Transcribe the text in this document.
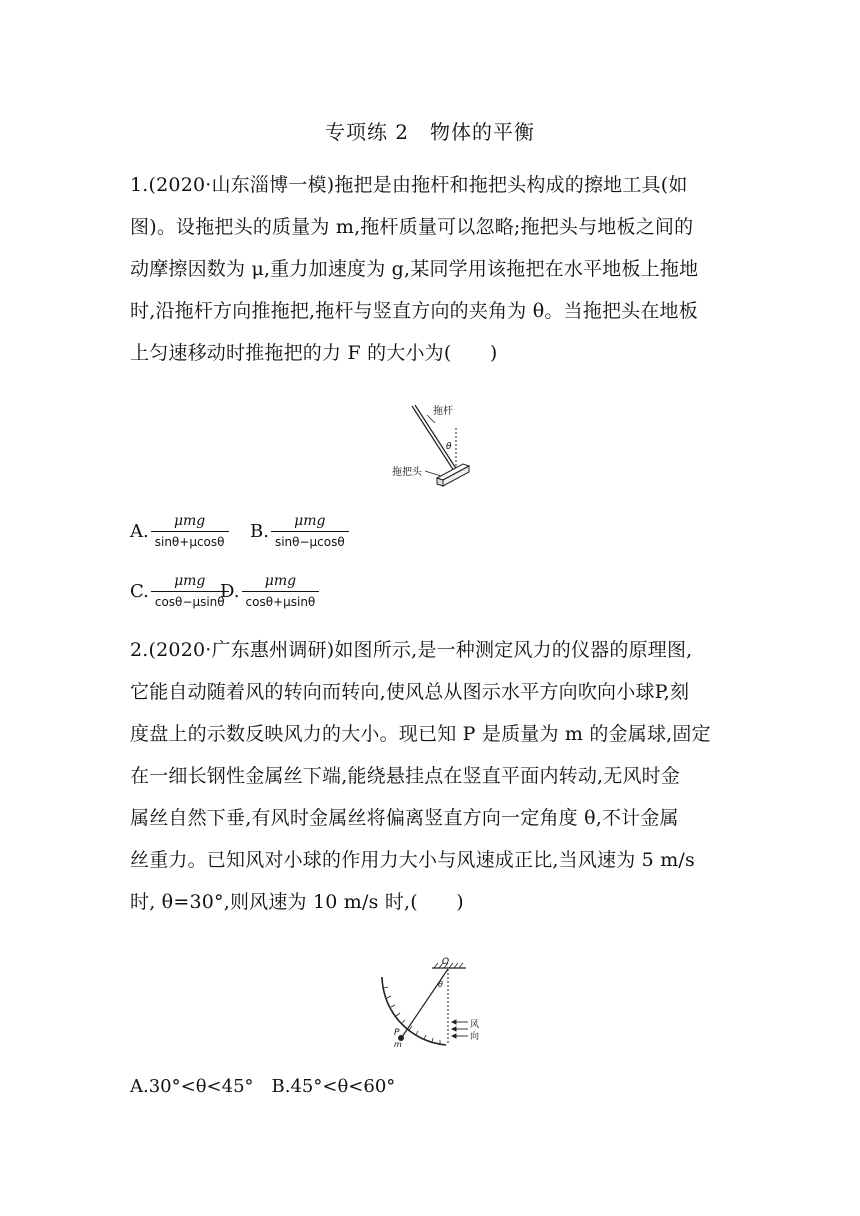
专项练 2　物体的平衡
1.(2020·山东淄博一模)拖把是由拖杆和拖把头构成的擦地工具(如
图)。设拖把头的质量为 m,拖杆质量可以忽略;拖把头与地板之间的
动摩擦因数为 μ,重力加速度为 g,某同学用该拖把在水平地板上拖地
时,沿拖杆方向推拖把,拖杆与竖直方向的夹角为 θ。当拖把头在地板
上匀速移动时推拖把的力 F 的大小为(　　)
拖杆
拖把头
θ
A. $\frac{\text{μmg}}{\sin\theta+\mu\cos\theta} B$. $\frac{\text{μmg}}{\sin\theta-\mu\cos\theta}$
C. $\frac{\text{μmg}}{\cos\theta-\mu\sin\theta}$
D. $\frac{\text{μmg}}{\cos\theta+\mu\sin\theta}$
2.(2020·广东惠州调研)如图所示,是一种测定风力的仪器的原理图,
它能自动随着风的转向而转向,使风总从图示水平方向吹向小球P,刻
度盘上的示数反映风力的大小。现已知 P 是质量为 m 的金属球,固定
在一细长钢性金属丝下端,能绕悬挂点在竖直平面内转动,无风时金
属丝自然下垂,有风时金属丝将偏离竖直方向一定角度 θ,不计金属
丝重力。已知风对小球的作用力大小与风速成正比,当风速为 5 m/s
时, θ=30°,则风速为 10 m/s 时,(　　)
O
θ
P
m
风
向
A.30°<θ<45°　B.45°<θ<60°
